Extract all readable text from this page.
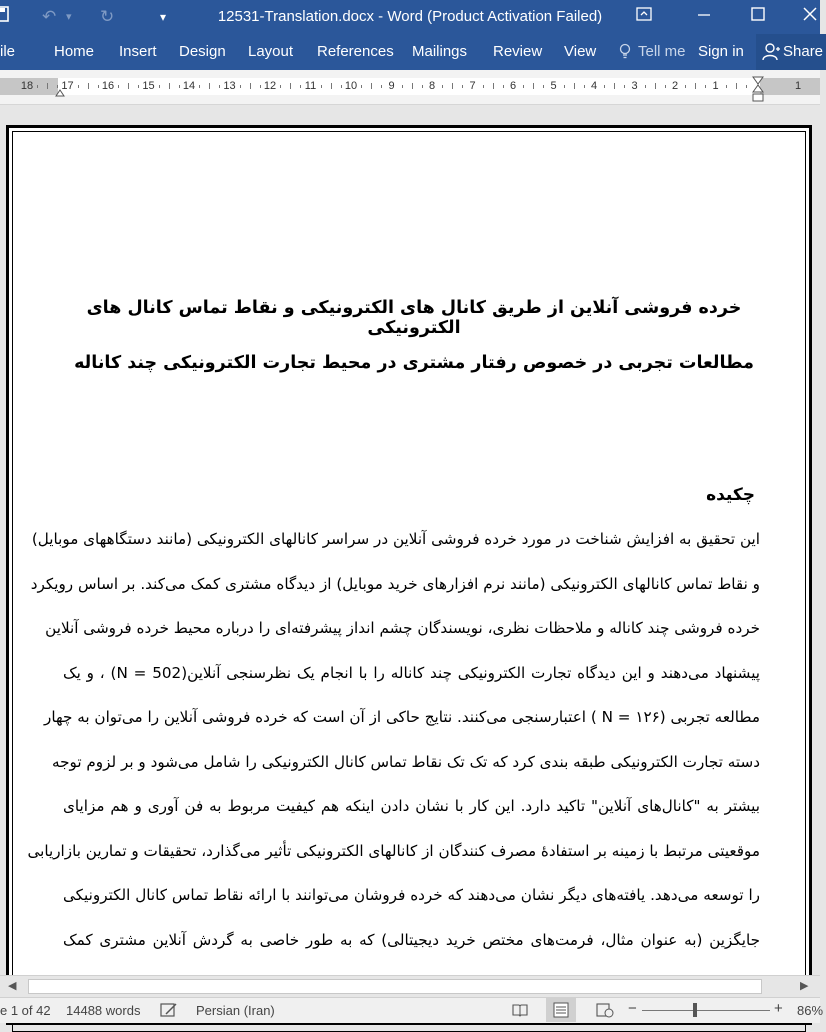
↶ ▾ ↻	▾	12531-Translation.docx - Word (Product Activation Failed)
ile	Home Insert Design Layout References Mailings Review View	Tell me Sign in	Share
18	17	16	15	14	13	12	11	10	9	8	7	6	5	4	3	2	1	1
خرده فروشی آنلاین از طریق کانال های الکترونیکی و نقاط تماس کانال های الکترونیکی
مطالعات تجربی در خصوص رفتار مشتری در محیط تجارت الکترونیکی چند کاناله
چکیده
این تحقیق به افزایش شناخت در مورد خرده فروشی آنلاین در سراسر کانالهای الکترونیکی (مانند دستگاههای موبایل)
و نقاط تماس کانالهای الکترونیکی (مانند نرم افزارهای خرید موبایل) از دیدگاه مشتری کمک می‌کند. بر اساس رویکرد
خرده فروشی چند کاناله و ملاحظات نظری، نویسندگان چشم انداز پیشرفته‌ای را درباره محیط خرده فروشی آنلاین
پیشنهاد می‌دهند و این دیدگاه تجارت الکترونیکی چند کاناله را با انجام یک نظرسنجی آنلاین(N = 502) ، و یک
مطالعه تجربی (N = ۱۲۶ ) اعتبارسنجی می‌کنند. نتایج حاکی از آن است که خرده فروشی آنلاین را می‌توان به چهار
دسته تجارت الکترونیکی طبقه بندی کرد که تک تک نقاط تماس کانال الکترونیکی را شامل می‌شود و بر لزوم توجه
بیشتر به "کانال‌های آنلاین" تاکید دارد. این کار با نشان دادن اینکه هم کیفیت مربوط به فن آوری و هم مزایای
موقعیتی مرتبط با زمینه بر استفادهٔ مصرف کنندگان از کانالهای الکترونیکی تأثیر می‌گذارد، تحقیقات و تمارین بازاریابی
را توسعه می‌دهد. یافته‌های دیگر نشان می‌دهند که خرده فروشان می‌توانند با ارائه نقاط تماس کانال الکترونیکی
جایگزین (به عنوان مثال، فرمت‌های مختص خرید دیجیتالی) که به طور خاصی به گردش آنلاین مشتری کمک
◀	▶
e 1 of 42 14488 words	Persian (Iran)	−	+ 86%
